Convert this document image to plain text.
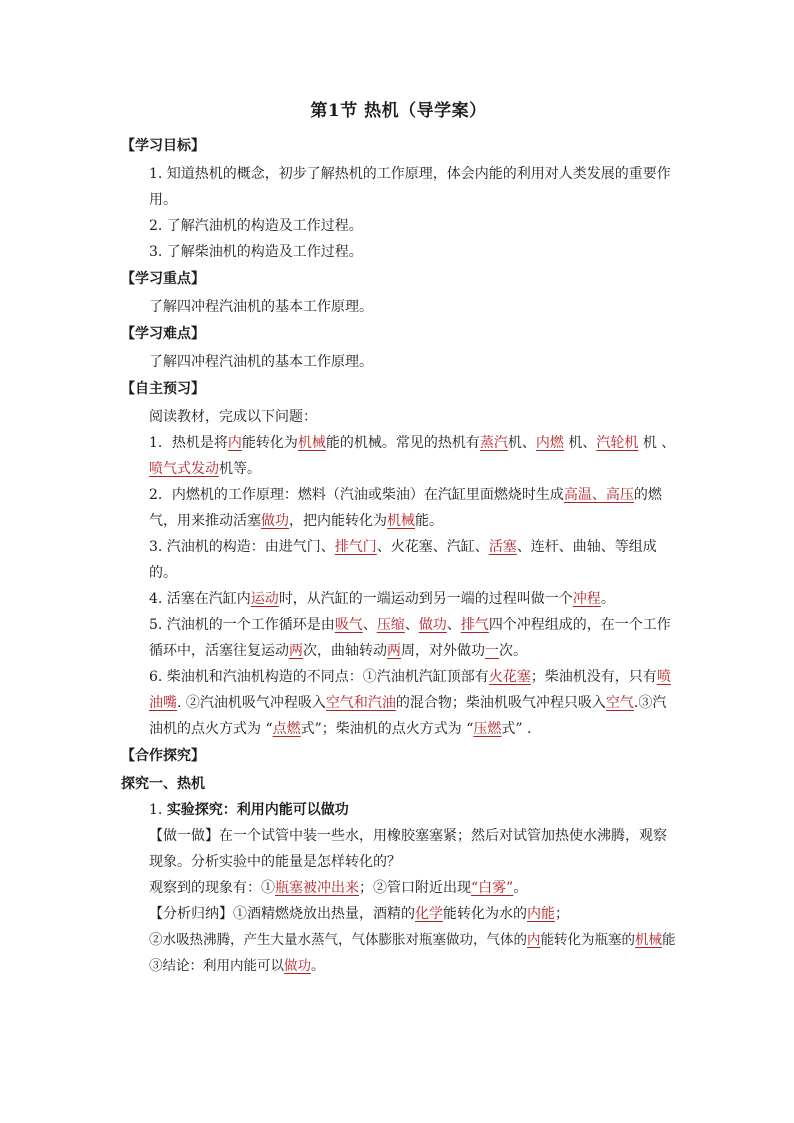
第1节 热机（导学案）

【学习目标】

1. 知道热机的概念，初步了解热机的工作原理，体会内能的利用对人类发展的重要作用。

2. 了解汽油机的构造及工作过程。

3. 了解柴油机的构造及工作过程。

【学习重点】

了解四冲程汽油机的基本工作原理。

【学习难点】

了解四冲程汽油机的基本工作原理。

【自主预习】

阅读教材，完成以下问题：

1．热机是将内能转化为机械能的机械。常见的热机有蒸汽机、内燃 机、汽轮机 机 、喷气式发动机等。

2．内燃机的工作原理：燃料（汽油或柴油）在汽缸里面燃烧时生成高温、高压的燃气，用来推动活塞做功，把内能转化为机械能。

3. 汽油机的构造：由进气门、排气门、火花塞、汽缸、活塞、连杆、曲轴、等组成的。

4. 活塞在汽缸内运动时，从汽缸的一端运动到另一端的过程叫做一个冲程。

5. 汽油机的一个工作循环是由吸气、压缩、做功、排气四个冲程组成的，在一个工作循环中，活塞往复运动两次，曲轴转动两周，对外做功一次。

6. 柴油机和汽油机构造的不同点：①汽油机汽缸顶部有火花塞；柴油机没有，只有喷油嘴. ②汽油机吸气冲程吸入空气和汽油的混合物；柴油机吸气冲程只吸入空气.③汽油机的点火方式为 “点燃式”；柴油机的点火方式为 “压燃式” .

【合作探究】

探究一、热机

1. 实验探究：利用内能可以做功

【做一做】在一个试管中装一些水，用橡胶塞塞紧；然后对试管加热使水沸腾，观察现象。分析实验中的能量是怎样转化的？

观察到的现象有：①瓶塞被冲出来；②管口附近出现“白雾”。

【分析归纳】①酒精燃烧放出热量，酒精的化学能转化为水的内能；

②水吸热沸腾，产生大量水蒸气，气体膨胀对瓶塞做功，气体的内能转化为瓶塞的机械能

③结论：利用内能可以做功。
